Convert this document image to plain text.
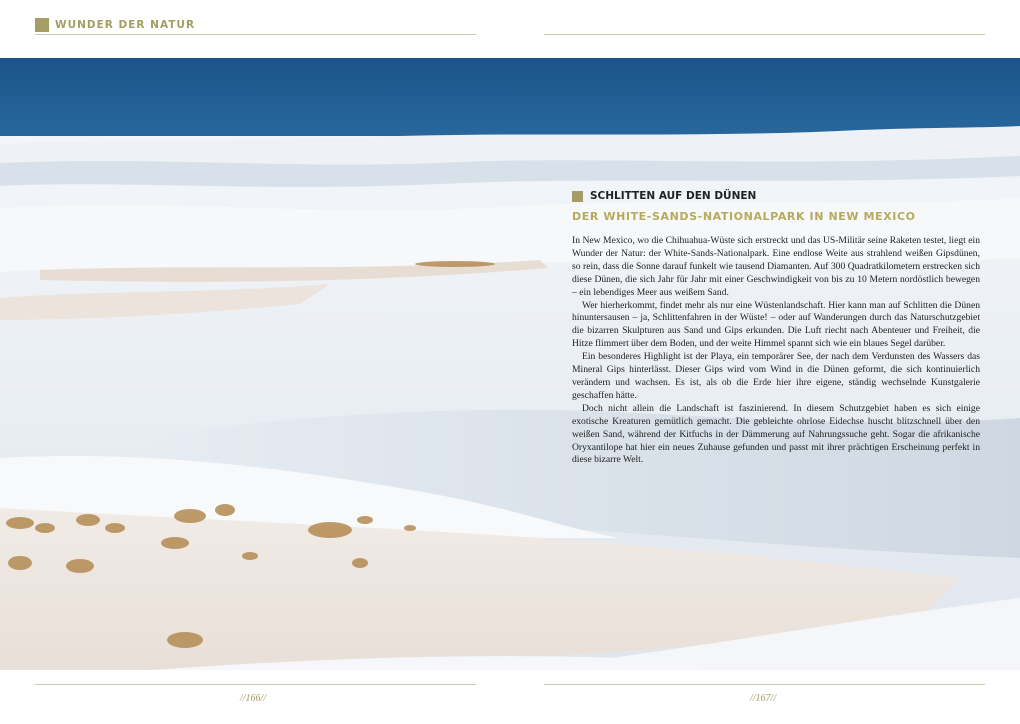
WUNDER DER NATUR
SCHLITTEN AUF DEN DÜNEN
DER WHITE-SANDS-NATIONALPARK IN NEW MEXICO

In New Mexico, wo die Chihuahua-Wüste sich erstreckt und das US-Militär seine Raketen testet, liegt ein Wunder der Natur: der White-Sands-Nationalpark. Eine endlose Weite aus strahlend weißen Gipsdünen, so rein, dass die Sonne darauf funkelt wie tausend Diamanten. Auf 300 Quadratkilometern erstrecken sich diese Dünen, die sich Jahr für Jahr mit einer Geschwindigkeit von bis zu 10 Metern nordöstlich bewegen – ein lebendiges Meer aus weißem Sand.

Wer hierherkommt, findet mehr als nur eine Wüstenlandschaft. Hier kann man auf Schlitten die Dünen hinuntersausen – ja, Schlittenfahren in der Wüste! – oder auf Wanderungen durch das Naturschutzgebiet die bizarren Skulpturen aus Sand und Gips erkunden. Die Luft riecht nach Abenteuer und Freiheit, die Hitze flimmert über dem Boden, und der weite Himmel spannt sich wie ein blaues Segel darüber.

Ein besonderes Highlight ist der Playa, ein temporärer See, der nach dem Verdunsten des Wassers das Mineral Gips hinterlässt. Dieser Gips wird vom Wind in die Dünen geformt, die sich kontinuierlich verändern und wachsen. Es ist, als ob die Erde hier ihre eigene, ständig wechselnde Kunstgalerie geschaffen hätte.

Doch nicht allein die Landschaft ist faszinierend. In diesem Schutzgebiet haben es sich einige exotische Kreaturen gemütlich gemacht. Die gebleichte ohrlose Eidechse huscht blitzschnell über den weißen Sand, während der Kitfuchs in der Dämmerung auf Nahrungssuche geht. Sogar die afrikanische Oryxantilope hat hier ein neues Zuhause gefunden und passt mit ihrer prächtigen Erscheinung perfekt in diese bizarre Welt.

//166//	//167//
